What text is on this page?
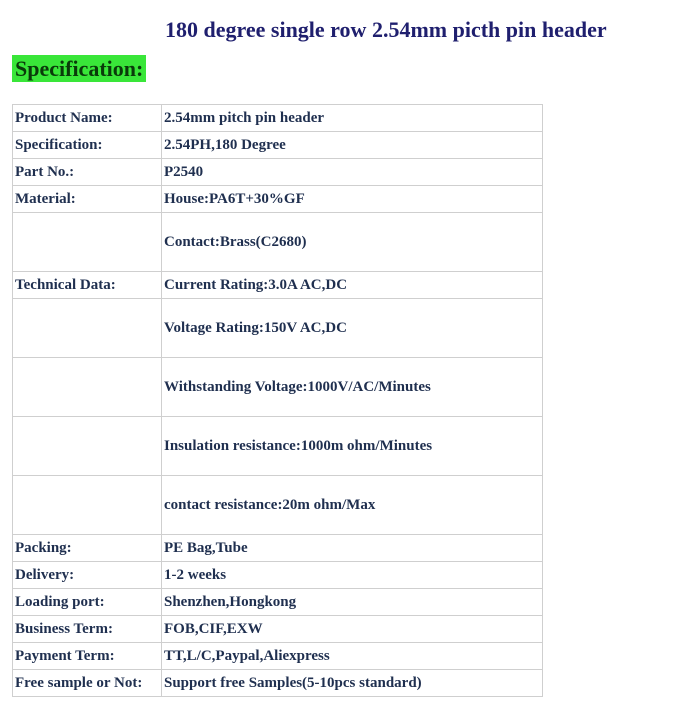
180 degree single row 2.54mm picth pin header
Specification:
Product Name:	2.54mm pitch pin header
Specification:	2.54PH,180 Degree
Part No.:	P2540
Material:	House:PA6T+30%GF
	Contact:Brass(C2680)
Technical Data:	Current Rating:3.0A AC,DC
	Voltage Rating:150V AC,DC
	Withstanding Voltage:1000V/AC/Minutes
	Insulation resistance:1000m ohm/Minutes
	contact resistance:20m ohm/Max
Packing:	PE Bag,Tube
Delivery:	1-2 weeks
Loading port:	Shenzhen,Hongkong
Business Term:	FOB,CIF,EXW
Payment Term:	TT,L/C,Paypal,Aliexpress
Free sample or Not:	Support free Samples(5-10pcs standard)
